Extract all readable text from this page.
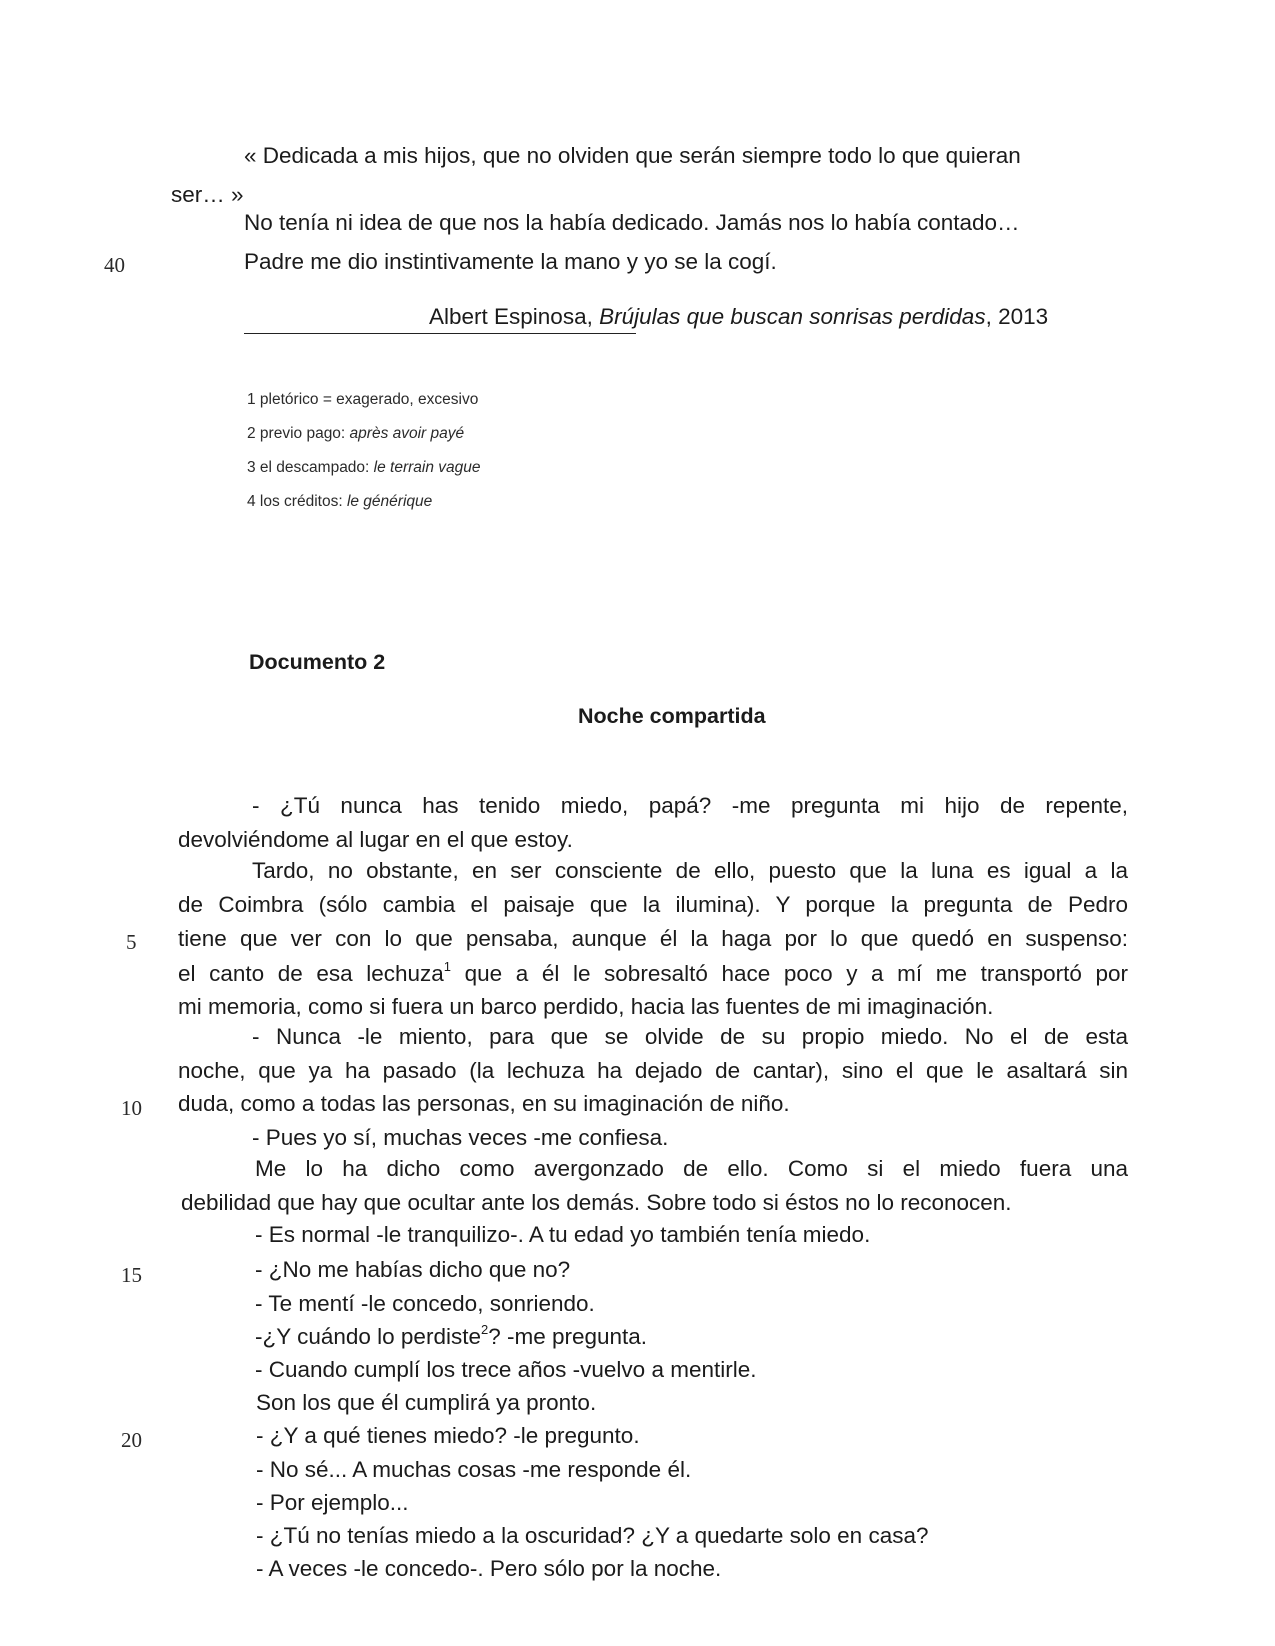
« Dedicada a mis hijos, que no olviden que serán siempre todo lo que quieran
ser… »
No tenía ni idea de que nos la había dedicado. Jamás nos lo había contado…
40	Padre me dio instintivamente la mano y yo se la cogí.
Albert Espinosa, Brújulas que buscan sonrisas perdidas, 2013
1 pletórico = exagerado, excesivo
2 previo pago: après avoir payé
3 el descampado: le terrain vague
4 los créditos: le générique
Documento 2
Noche compartida
5
10
15
20
- ¿Tú nunca has tenido miedo, papá? -me pregunta mi hijo de repente,
devolviéndome al lugar en el que estoy.
Tardo, no obstante, en ser consciente de ello, puesto que la luna es igual a la
de Coimbra (sólo cambia el paisaje que la ilumina). Y porque la pregunta de Pedro
tiene que ver con lo que pensaba, aunque él la haga por lo que quedó en suspenso:
el canto de esa lechuza$^1$ que a él le sobresaltó hace poco y a mí me transportó por
mi memoria, como si fuera un barco perdido, hacia las fuentes de mi imaginación.
- Nunca -le miento, para que se olvide de su propio miedo. No el de esta
noche, que ya ha pasado (la lechuza ha dejado de cantar), sino el que le asaltará sin
duda, como a todas las personas, en su imaginación de niño.
- Pues yo sí, muchas veces -me confiesa.
Me lo ha dicho como avergonzado de ello. Como si el miedo fuera una
debilidad que hay que ocultar ante los demás. Sobre todo si éstos no lo reconocen.
- Es normal -le tranquilizo-. A tu edad yo también tenía miedo.
- ¿No me habías dicho que no?
- Te mentí -le concedo, sonriendo.
-¿Y cuándo lo perdiste$^2$? -me pregunta.
- Cuando cumplí los trece años -vuelvo a mentirle.
Son los que él cumplirá ya pronto.
- ¿Y a qué tienes miedo? -le pregunto.
- No sé... A muchas cosas -me responde él.
- Por ejemplo...
- ¿Tú no tenías miedo a la oscuridad? ¿Y a quedarte solo en casa?
- A veces -le concedo-. Pero sólo por la noche.
